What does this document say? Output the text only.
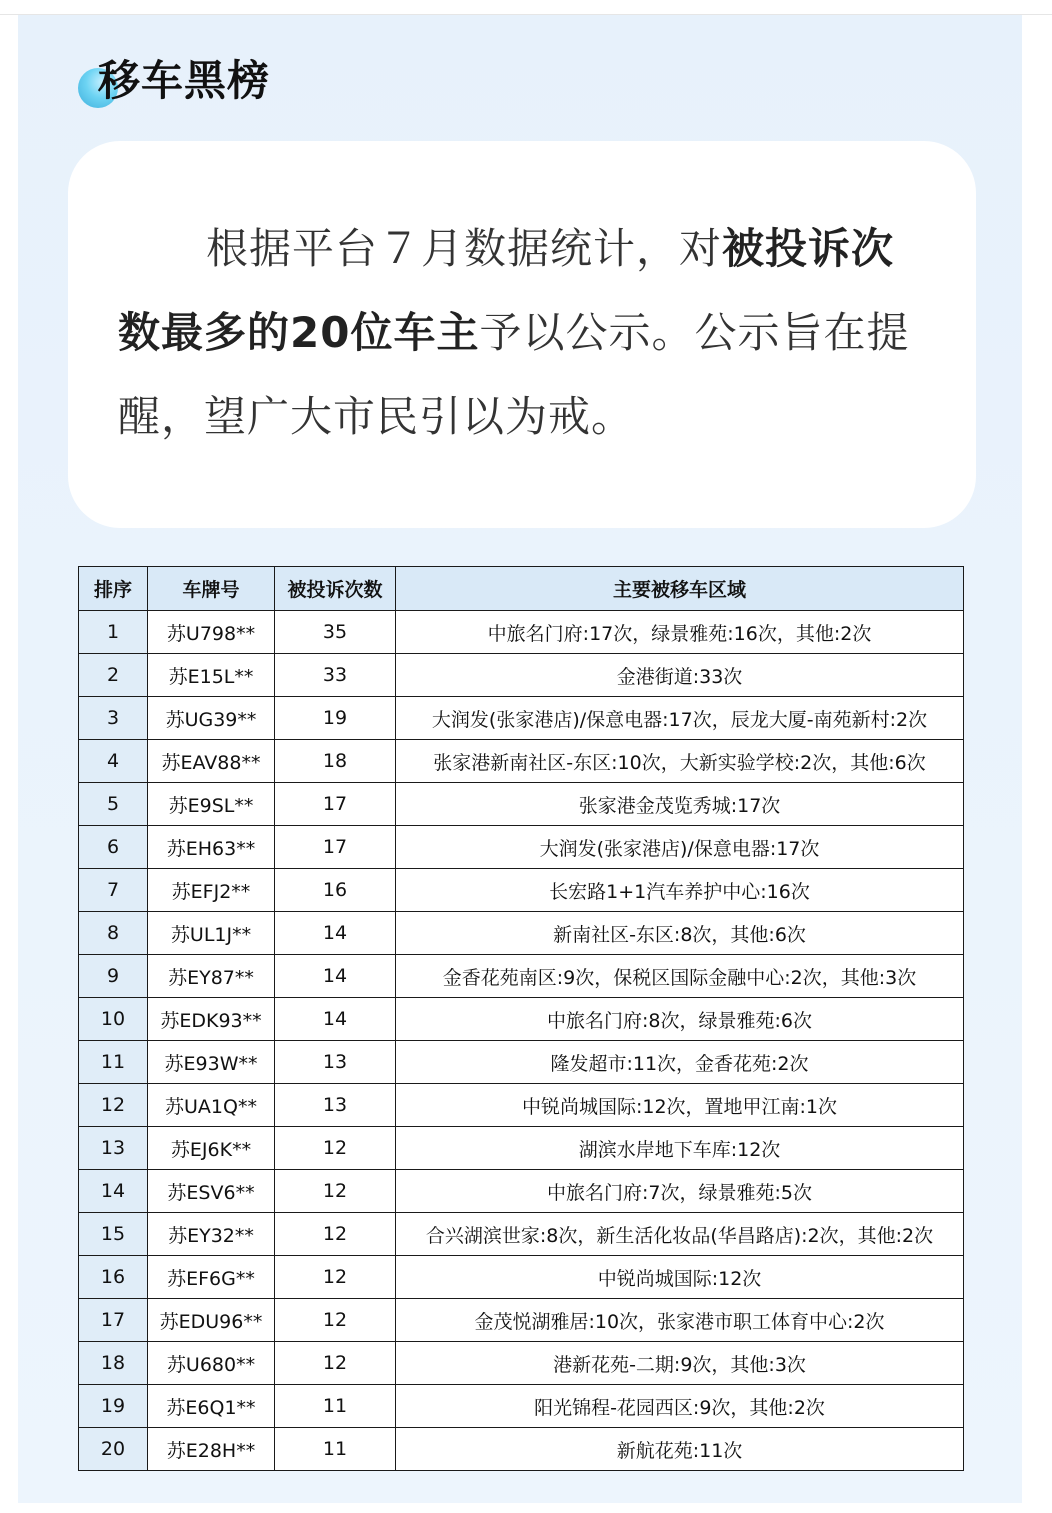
移车黑榜
根据平台７月数据统计，对被投诉次数最多的20位车主予以公示。公示旨在提醒，望广大市民引以为戒。
排序	车牌号	被投诉次数	主要被移车区域
1	苏U798**	35	中旅名门府:17次，绿景雅苑:16次，其他:2次
2	苏E15L**	33	金港街道:33次
3	苏UG39**	19	大润发(张家港店)/保意电器:17次，辰龙大厦-南苑新村:2次
4	苏EAV88**	18	张家港新南社区-东区:10次，大新实验学校:2次，其他:6次
5	苏E9SL**	17	张家港金茂览秀城:17次
6	苏EH63**	17	大润发(张家港店)/保意电器:17次
7	苏EFJ2**	16	长宏路1+1汽车养护中心:16次
8	苏UL1J**	14	新南社区-东区:8次，其他:6次
9	苏EY87**	14	金香花苑南区:9次，保税区国际金融中心:2次，其他:3次
10	苏EDK93**	14	中旅名门府:8次，绿景雅苑:6次
11	苏E93W**	13	隆发超市:11次，金香花苑:2次
12	苏UA1Q**	13	中锐尚城国际:12次，置地甲江南:1次
13	苏EJ6K**	12	湖滨水岸地下车库:12次
14	苏ESV6**	12	中旅名门府:7次，绿景雅苑:5次
15	苏EY32**	12	合兴湖滨世家:8次，新生活化妆品(华昌路店):2次，其他:2次
16	苏EF6G**	12	中锐尚城国际:12次
17	苏EDU96**	12	金茂悦湖雅居:10次，张家港市职工体育中心:2次
18	苏U680**	12	港新花苑-二期:9次，其他:3次
19	苏E6Q1**	11	阳光锦程-花园西区:9次，其他:2次
20	苏E28H**	11	新航花苑:11次
